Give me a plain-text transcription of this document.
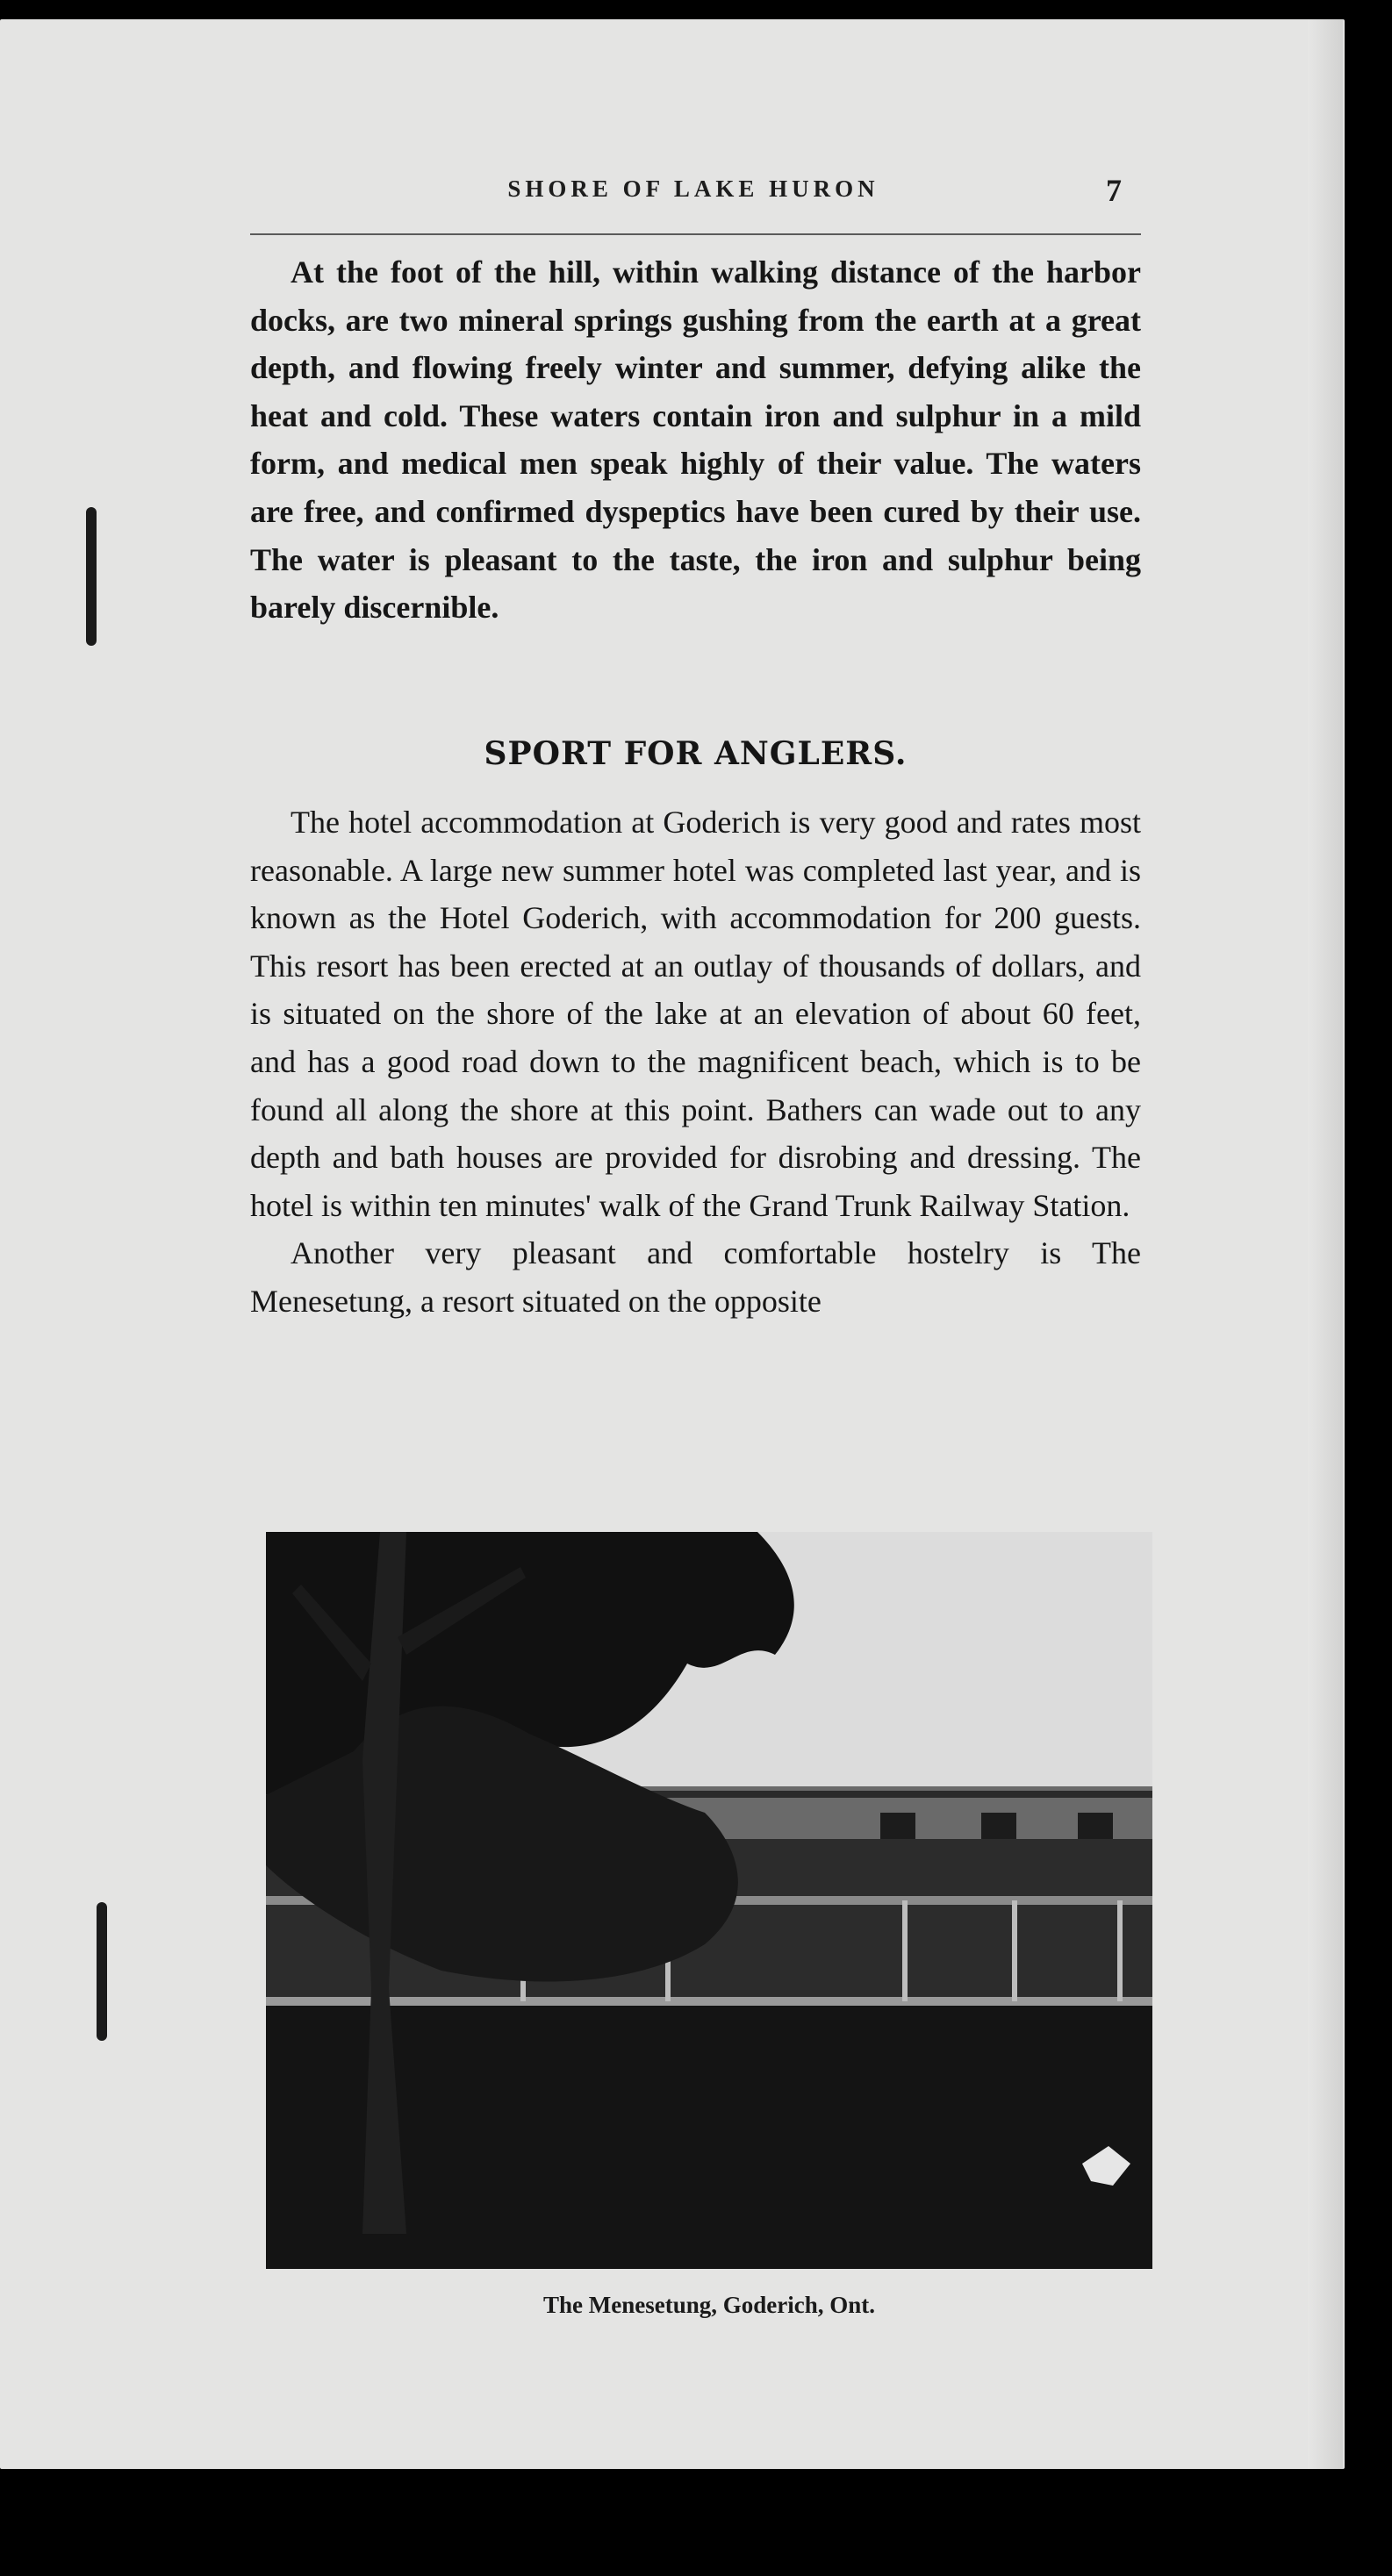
SHORE OF LAKE HURON	7

At the foot of the hill, within walking distance of the harbor docks, are two mineral springs gushing from the earth at a great depth, and flowing freely winter and summer, defying alike the heat and cold. These waters contain iron and sulphur in a mild form, and medical men speak highly of their value. The waters are free, and confirmed dyspeptics have been cured by their use. The water is pleasant to the taste, the iron and sulphur being barely discernible.

SPORT FOR ANGLERS.

The hotel accommodation at Goderich is very good and rates most reasonable. A large new summer hotel was completed last year, and is known as the Hotel Goderich, with accommodation for 200 guests. This resort has been erected at an outlay of thousands of dollars, and is situated on the shore of the lake at an elevation of about 60 feet, and has a good road down to the magnificent beach, which is to be found all along the shore at this point. Bathers can wade out to any depth and bath houses are provided for disrobing and dressing. The hotel is within ten minutes' walk of the Grand Trunk Railway Station.

Another very pleasant and comfortable hostelry is The Menesetung, a resort situated on the opposite

The Menesetung, Goderich, Ont.
